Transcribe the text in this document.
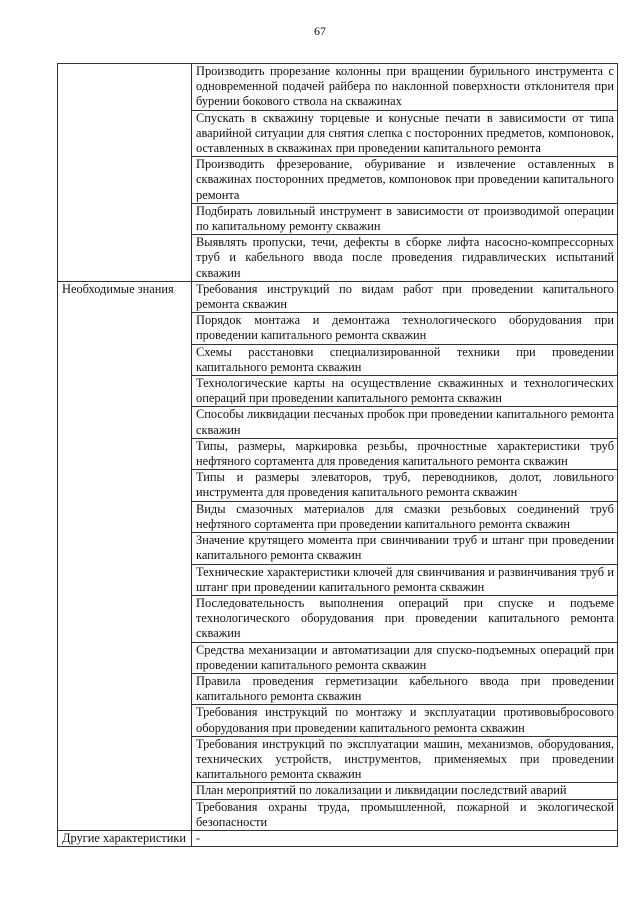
67

	Производить прорезание колонны при вращении бурильного инструмента с одновременной подачей райбера по наклонной поверхности отклонителя при бурении бокового ствола на скважинах

	Спускать в скважину торцевые и конусные печати в зависимости от типа аварийной ситуации для снятия слепка с посторонних предметов, компоновок, оставленных в скважинах при проведении капитального ремонта

	Производить фрезерование, обуривание и извлечение оставленных в скважинах посторонних предметов, компоновок при проведении капитального ремонта

	Подбирать ловильный инструмент в зависимости от производимой операции по капитальному ремонту скважин

	Выявлять пропуски, течи, дефекты в сборке лифта насосно-компрессорных труб и кабельного ввода после проведения гидравлических испытаний скважин

Необходимые знания	Требования инструкций по видам работ при проведении капитального ремонта скважин

	Порядок монтажа и демонтажа технологического оборудования при проведении капитального ремонта скважин

	Схемы расстановки специализированной техники при проведении капитального ремонта скважин

	Технологические карты на осуществление скважинных и технологических операций при проведении капитального ремонта скважин

	Способы ликвидации песчаных пробок при проведении капитального ремонта скважин

	Типы, размеры, маркировка резьбы, прочностные характеристики труб нефтяного сортамента для проведения капитального ремонта скважин

	Типы и размеры элеваторов, труб, переводников, долот, ловильного инструмента для проведения капитального ремонта скважин

	Виды смазочных материалов для смазки резьбовых соединений труб нефтяного сортамента при проведении капитального ремонта скважин

	Значение крутящего момента при свинчивании труб и штанг при проведении капитального ремонта скважин

	Технические характеристики ключей для свинчивания и развинчивания труб и штанг при проведении капитального ремонта скважин

	Последовательность выполнения операций при спуске и подъеме технологического оборудования при проведении капитального ремонта скважин

	Средства механизации и автоматизации для спуско-подъемных операций при проведении капитального ремонта скважин

	Правила проведения герметизации кабельного ввода при проведении капитального ремонта скважин

	Требования инструкций по монтажу и эксплуатации противовыбросового оборудования при проведении капитального ремонта скважин

	Требования инструкций по эксплуатации машин, механизмов, оборудования, технических устройств, инструментов, применяемых при проведении капитального ремонта скважин

	План мероприятий по локализации и ликвидации последствий аварий

	Требования охраны труда, промышленной, пожарной и экологической безопасности

Другие характеристики	-
